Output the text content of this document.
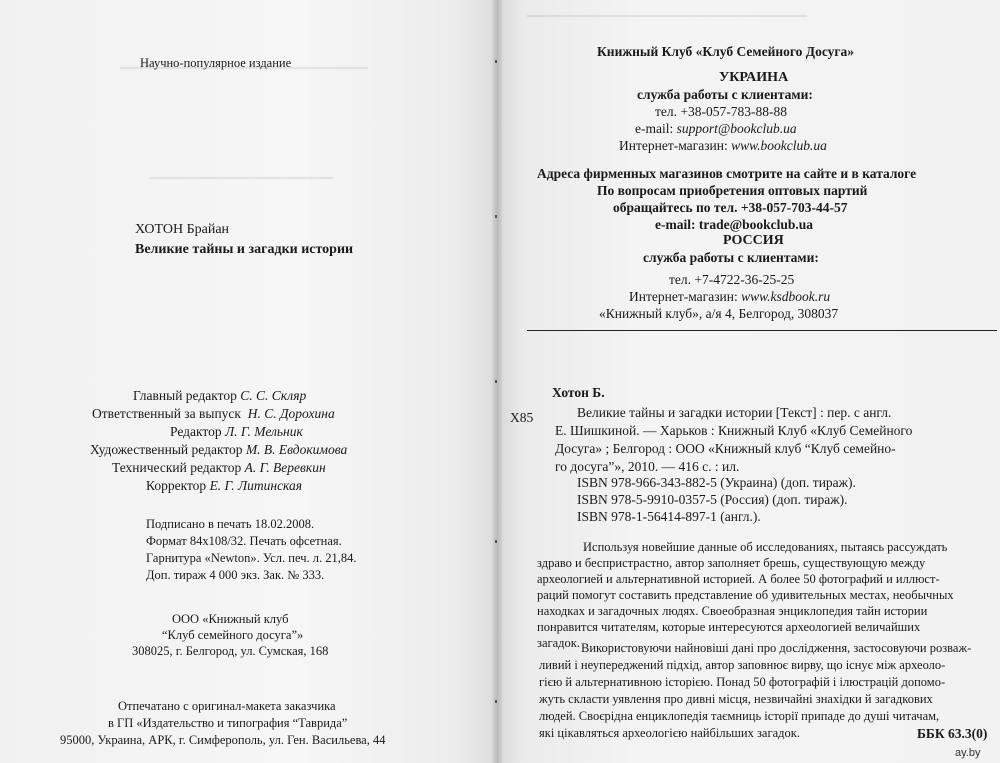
▔▔▔▔▔▔▔▔▔▔▔▔▔▔▔▔▔▔▔▔▔▔▔
▔▔▔▔▔▔▔▔▔▔▔▔▔▔▔▔▔
Научно-популярное издание
ХОТОН Брайан
Великие тайны и загадки истории
Главный редактор С. С. Скляр
Ответственный за выпуск Н. С. Дорохина
Редактор Л. Г. Мельник
Художественный редактор М. В. Евдокимова
Технический редактор А. Г. Веревкин
Корректор Е. Г. Литинская
Подписано в печать 18.02.2008.
Формат 84х108/32. Печать офсетная.
Гарнитура «Newton». Усл. печ. л. 21,84.
Доп. тираж 4 000 экз. Зак. № 333.
ООО «Книжный клуб
“Клуб семейного досуга”»
308025, г. Белгород, ул. Сумская, 168
Отпечатано с оригинал-макета заказчика
в ГП «Издательство и типография “Таврида”
95000, Украина, АРК, г. Симферополь, ул. Ген. Васильева, 44
▔▔▔▔▔▔▔▔▔▔▔▔▔▔▔▔▔▔▔▔▔▔▔▔▔▔
Книжный Клуб «Клуб Семейного Досуга»
УКРАИНА
служба работы с клиентами:
тел. +38-057-783-88-88
e-mail: support@bookclub.ua
Интернет-магазин: www.bookclub.ua
Адреса фирменных магазинов смотрите на сайте и в каталоге
По вопросам приобретения оптовых партий
обращайтесь по тел. +38-057-703-44-57
e-mail: trade@bookclub.ua
РОССИЯ
служба работы с клиентами:
тел. +7-4722-36-25-25
Интернет-магазин: www.ksdbook.ru
«Книжный клуб», а/я 4, Белгород, 308037
Хотон Б.
Х85	Великие тайны и загадки истории [Текст] : пер. с англ.
Е. Шишкиной. — Харьков : Книжный Клуб «Клуб Семейного
Досуга» ; Белгород : ООО «Книжный клуб “Клуб семейно-
го досуга”», 2010. — 416 с. : ил.
ISBN 978-966-343-882-5 (Украина) (доп. тираж).
ISBN 978-5-9910-0357-5 (Россия) (доп. тираж).
ISBN 978-1-56414-897-1 (англ.).
Используя новейшие данные об исследованиях, пытаясь рассуждать
здраво и беспристрастно, автор заполняет брешь, существующую между
археологией и альтернативной историей. А более 50 фотографий и иллюст-
раций помогут составить представление об удивительных местах, необычных
находках и загадочных людях. Своеобразная энциклопедия тайн истории
понравится читателям, которые интересуются археологией величайших
загадок. Використовуючи найновіші дані про дослідження, застосовуючи розваж-
ливий і неупереджений підхід, автор заповнює вирву, що існує між археоло-
гією й альтернативною історією. Понад 50 фотографій і ілюстрацій допомо-
жуть скласти уявлення про дивні місця, незвичайні знахідки й загадкових
людей. Своєрідна енциклопедія таємниць історії припаде до душі читачам,
які цікавляться археологією найбільших загадок.	ББК 63.3(0)
ay.by
